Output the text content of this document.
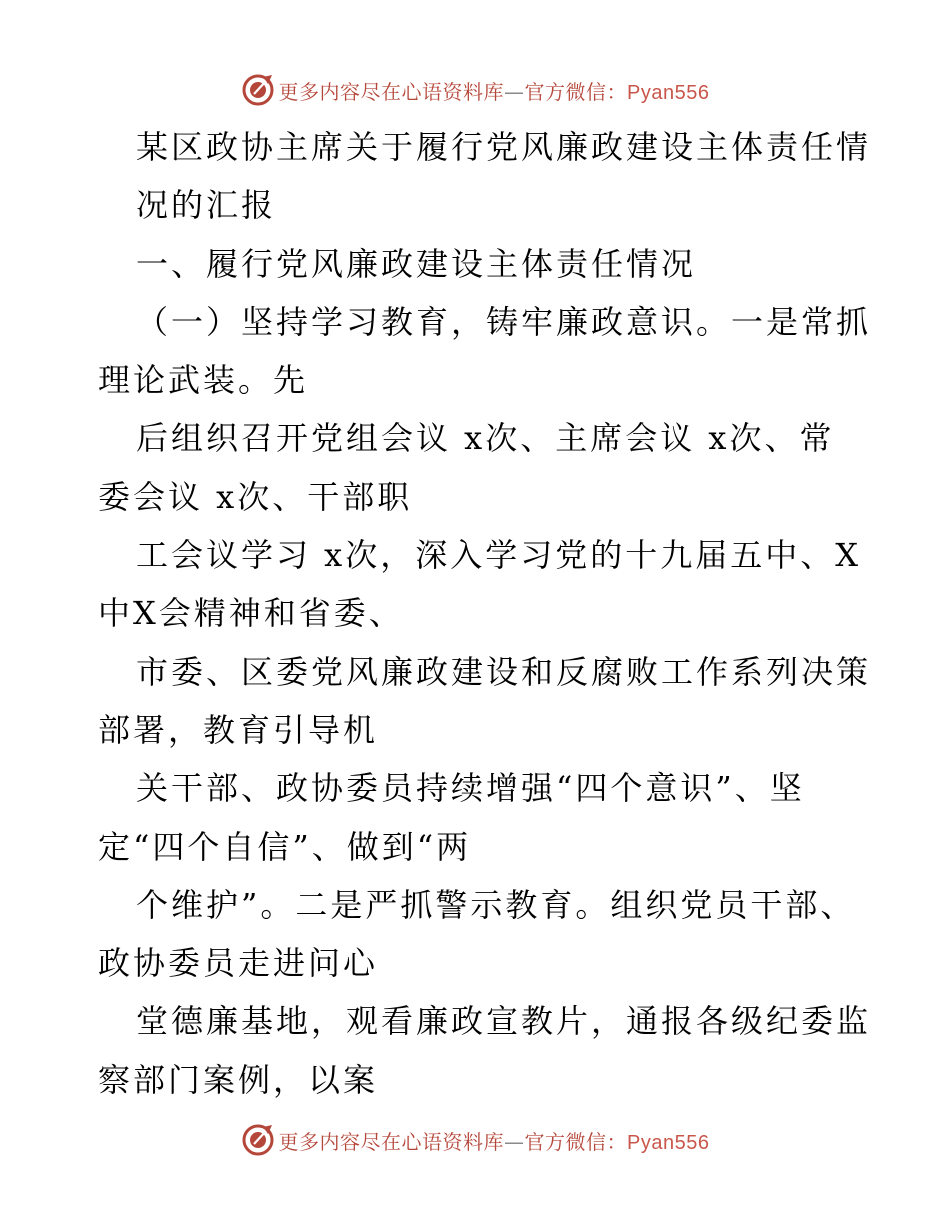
更多内容尽在心语资料库—官方微信：Pyan556
某区政协主席关于履行党风廉政建设主体责任情
况的汇报
一、履行党风廉政建设主体责任情况
（一）坚持学习教育，铸牢廉政意识。一是常抓
理论武装。先
后组织召开党组会议 x次、主席会议 x次、常
委会议 x次、干部职
工会议学习 x次，深入学习党的十九届五中、X
中X会精神和省委、
市委、区委党风廉政建设和反腐败工作系列决策
部署，教育引导机
关干部、政协委员持续增强“四个意识”、坚
定“四个自信”、做到“两
个维护”。二是严抓警示教育。组织党员干部、
政协委员走进问心
堂德廉基地，观看廉政宣教片，通报各级纪委监
察部门案例，以案
更多内容尽在心语资料库—官方微信：Pyan556
